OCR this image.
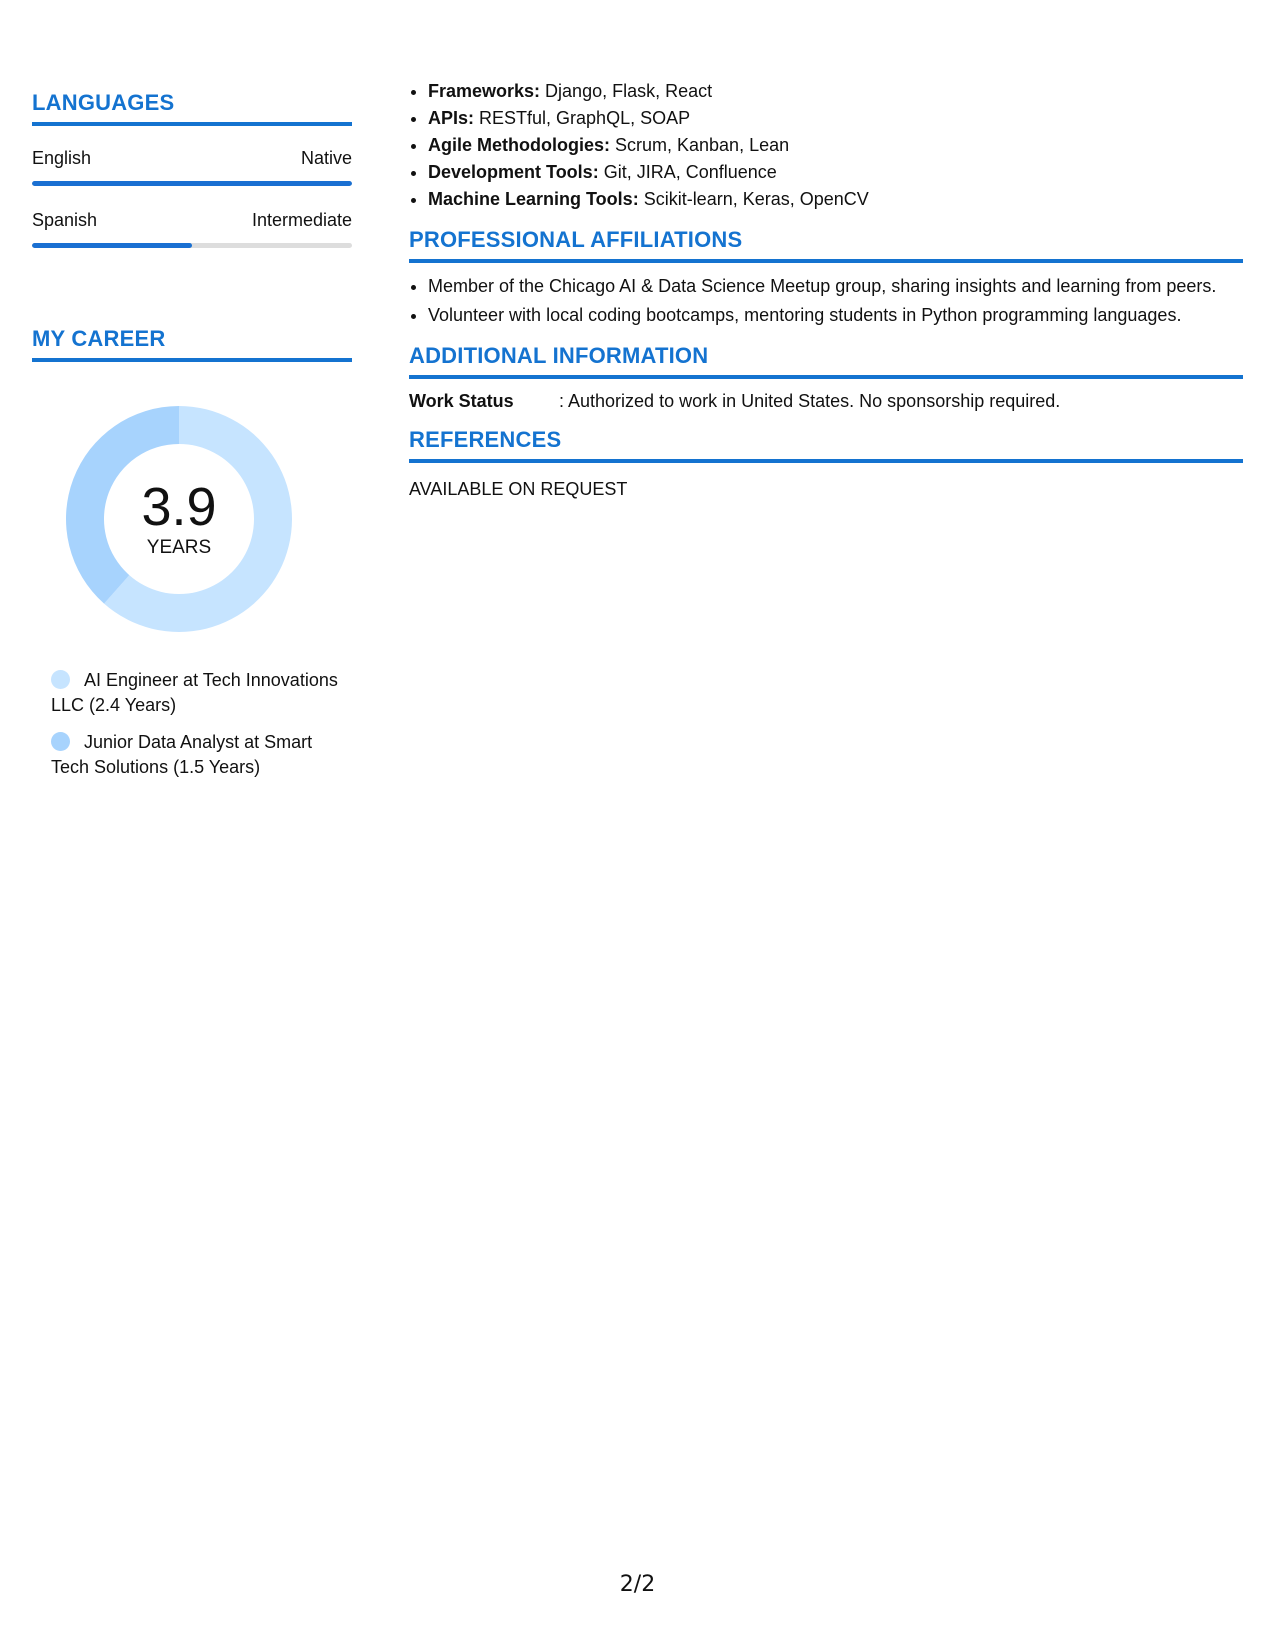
LANGUAGES
English	Native
Spanish	Intermediate
MY CAREER
3.9
YEARS
AI Engineer at Tech Innovations LLC (2.4 Years)
Junior Data Analyst at Smart Tech Solutions (1.5 Years)
• Frameworks: Django, Flask, React
• APIs: RESTful, GraphQL, SOAP
• Agile Methodologies: Scrum, Kanban, Lean
• Development Tools: Git, JIRA, Confluence
• Machine Learning Tools: Scikit-learn, Keras, OpenCV
PROFESSIONAL AFFILIATIONS
• Member of the Chicago AI & Data Science Meetup group, sharing insights and learning from peers.
• Volunteer with local coding bootcamps, mentoring students in Python programming languages.
ADDITIONAL INFORMATION
Work Status	: Authorized to work in United States. No sponsorship required.
REFERENCES
AVAILABLE ON REQUEST
2/2
